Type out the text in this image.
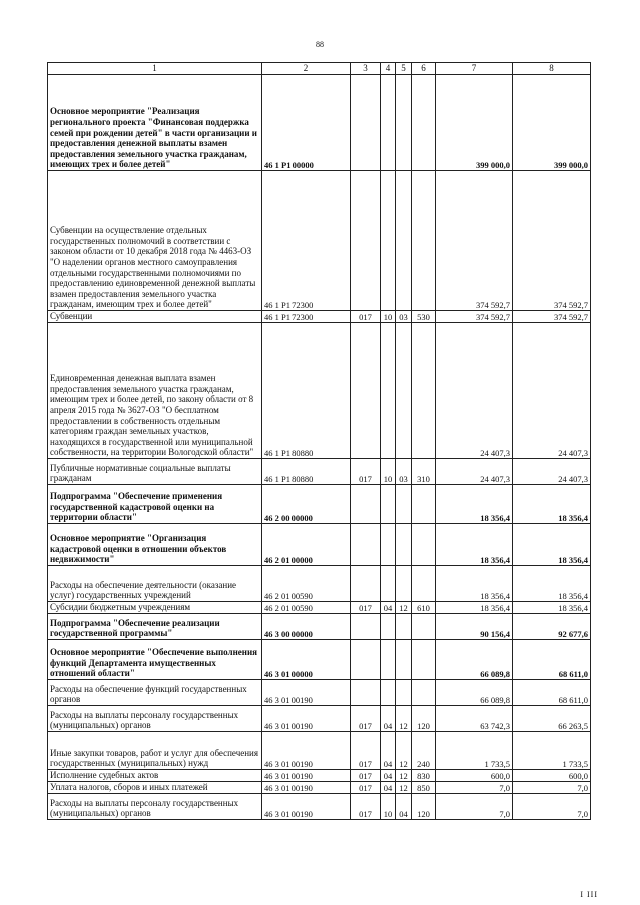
88
1	2	3	4	5	6	7	8
Основное мероприятие "Реализация регионального проекта "Финансовая поддержка семей при рождении детей" в части организации и предоставления денежной выплаты взамен предоставления земельного участка гражданам, имеющих трех и более детей"	46 1 P1 00000					399 000,0	399 000,0
Субвенции на осуществление отдельных государственных полномочий в соответствии с законом области от 10 декабря 2018 года № 4463-ОЗ "О наделении органов местного самоуправления отдельными государственными полномочиями по предоставлению единовременной денежной выплаты взамен предоставления земельного участка гражданам, имеющим трех и более детей"	46 1 P1 72300					374 592,7	374 592,7
Субвенции	46 1 P1 72300	017	10	03	530	374 592,7	374 592,7
Единовременная денежная выплата взамен предоставления земельного участка гражданам, имеющим трех и более детей, по закону области от 8 апреля 2015 года № 3627-ОЗ "О бесплатном предоставлении в собственность отдельным категориям граждан земельных участков, находящихся в государственной или муниципальной собственности, на территории Вологодской области"	46 1 P1 80880					24 407,3	24 407,3
Публичные нормативные социальные выплаты гражданам	46 1 P1 80880	017	10	03	310	24 407,3	24 407,3
Подпрограмма "Обеспечение применения государственной кадастровой оценки на территории области"	46 2 00 00000					18 356,4	18 356,4
Основное мероприятие "Организация кадастровой оценки в отношении объектов недвижимости"	46 2 01 00000					18 356,4	18 356,4
Расходы на обеспечение деятельности (оказание услуг) государственных учреждений	46 2 01 00590					18 356,4	18 356,4
Субсидии бюджетным учреждениям	46 2 01 00590	017	04	12	610	18 356,4	18 356,4
Подпрограмма "Обеспечение реализации государственной программы"	46 3 00 00000					90 156,4	92 677,6
Основное мероприятие "Обеспечение выполнения функций Департамента имущественных отношений области"	46 3 01 00000					66 089,8	68 611,0
Расходы на обеспечение функций государственных органов	46 3 01 00190					66 089,8	68 611,0
Расходы на выплаты персоналу государственных (муниципальных) органов	46 3 01 00190	017	04	12	120	63 742,3	66 263,5
Иные закупки товаров, работ и услуг для обеспечения государственных (муниципальных) нужд	46 3 01 00190	017	04	12	240	1 733,5	1 733,5
Исполнение судебных актов	46 3 01 00190	017	04	12	830	600,0	600,0
Уплата налогов, сборов и иных платежей	46 3 01 00190	017	04	12	850	7,0	7,0
Расходы на выплаты персоналу государственных (муниципальных) органов	46 3 01 00190	017	10	04	120	7,0	7,0
I III
